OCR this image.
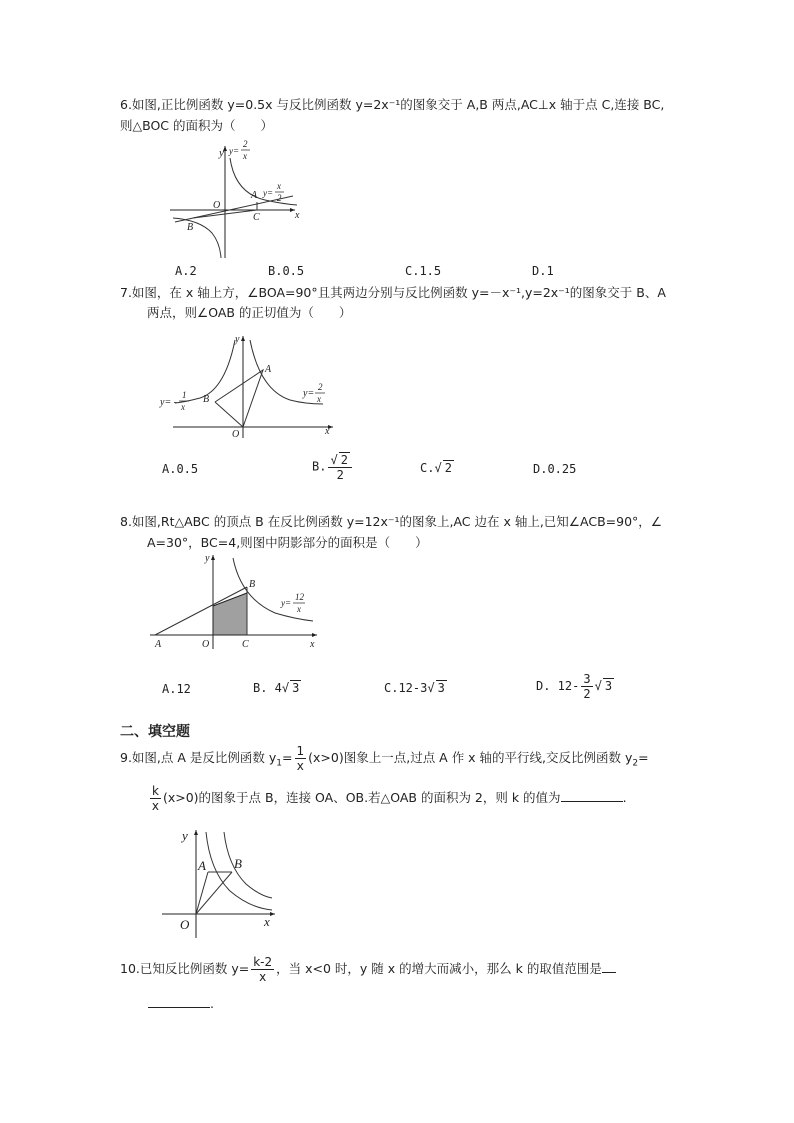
6.如图,正比例函数 y=0.5x 与反比例函数 y=2x⁻¹的图象交于 A,B 两点,AC⊥x 轴于点 C,连接 BC,
则△BOC 的面积为（　　）
y
x
O
A
B
C
y=
2
x
y=
x
2
A.2	B.0.5	C.1.5	D.1
7.如图，在 x 轴上方，∠BOA=90°且其两边分别与反比例函数 y=－x⁻¹,y=2x⁻¹的图象交于 B、A
两点，则∠OAB 的正切值为（　　）
y
x
O
A
B
y= -
1
x
y=
2
x
A.0.5	B. $\frac{√ 2}{2}$	C.√ 2	D.0.25
8.如图,Rt△ABC 的顶点 B 在反比例函数 y=12x⁻¹的图象上,AC 边在 x 轴上,已知∠ACB=90°，∠
A=30°，BC=4,则图中阴影部分的面积是（　　）
y
x
O
A
B
C
y=
12
x
A.12	B. 4√ 3	C.12-3√ 3	D. $12- \frac{3}{2}$ √ 3
二、填空题
9.如图,点 A 是反比例函数 $y_1= \frac{1}{x} (x>0)$图象上一点,过点 A 作 x 轴的平行线,交反比例函数 $y_2=$
$\frac{k}{x} (x>0)$的图象于点 B，连接 OA、OB.若△OAB 的面积为 2，则 k 的值为	.
y
x
O
A B
10.已知反比例函数 $y= \frac{k-2}{x}$ ，当 x<0 时，y 随 x 的增大而减小，那么 k 的取值范围是
.
